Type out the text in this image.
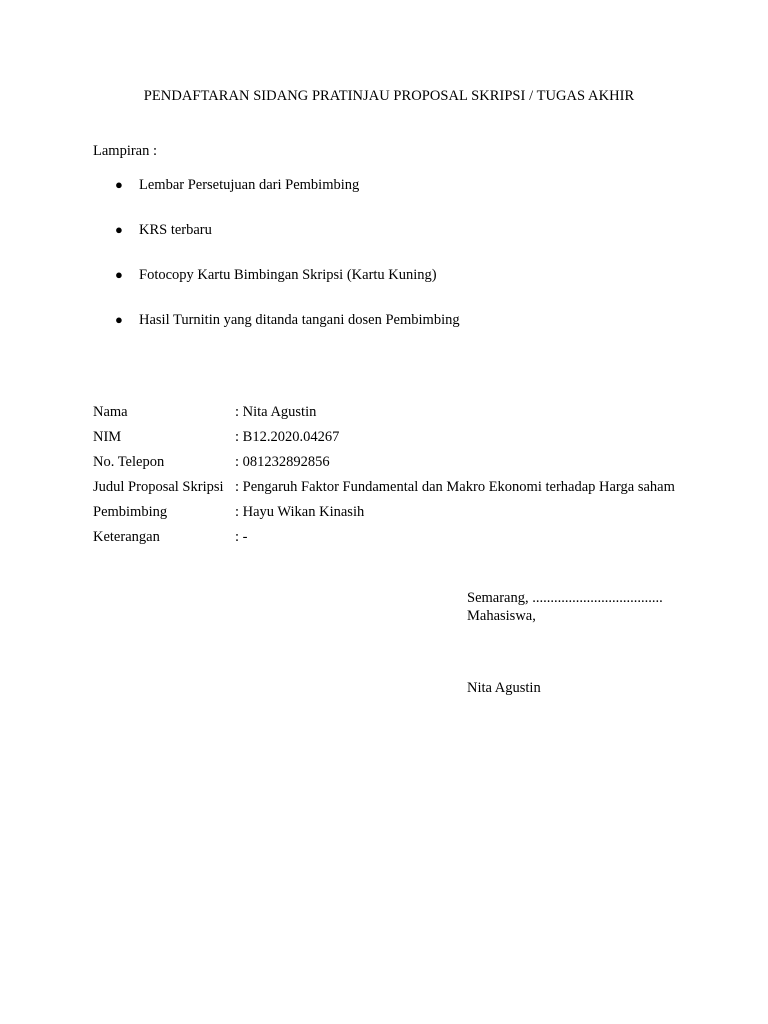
PENDAFTARAN SIDANG PRATINJAU PROPOSAL SKRIPSI / TUGAS AKHIR
Lampiran :
● Lembar Persetujuan dari Pembimbing
● KRS terbaru
● Fotocopy Kartu Bimbingan Skripsi (Kartu Kuning)
● Hasil Turnitin yang ditanda tangani dosen Pembimbing
Nama	: Nita Agustin
NIM	: B12.2020.04267
No. Telepon	: 081232892856
Judul Proposal Skripsi : Pengaruh Faktor Fundamental dan Makro Ekonomi terhadap Harga saham
Pembimbing	: Hayu Wikan Kinasih
Keterangan	: -
Semarang, ....................................
Mahasiswa,
Nita Agustin
